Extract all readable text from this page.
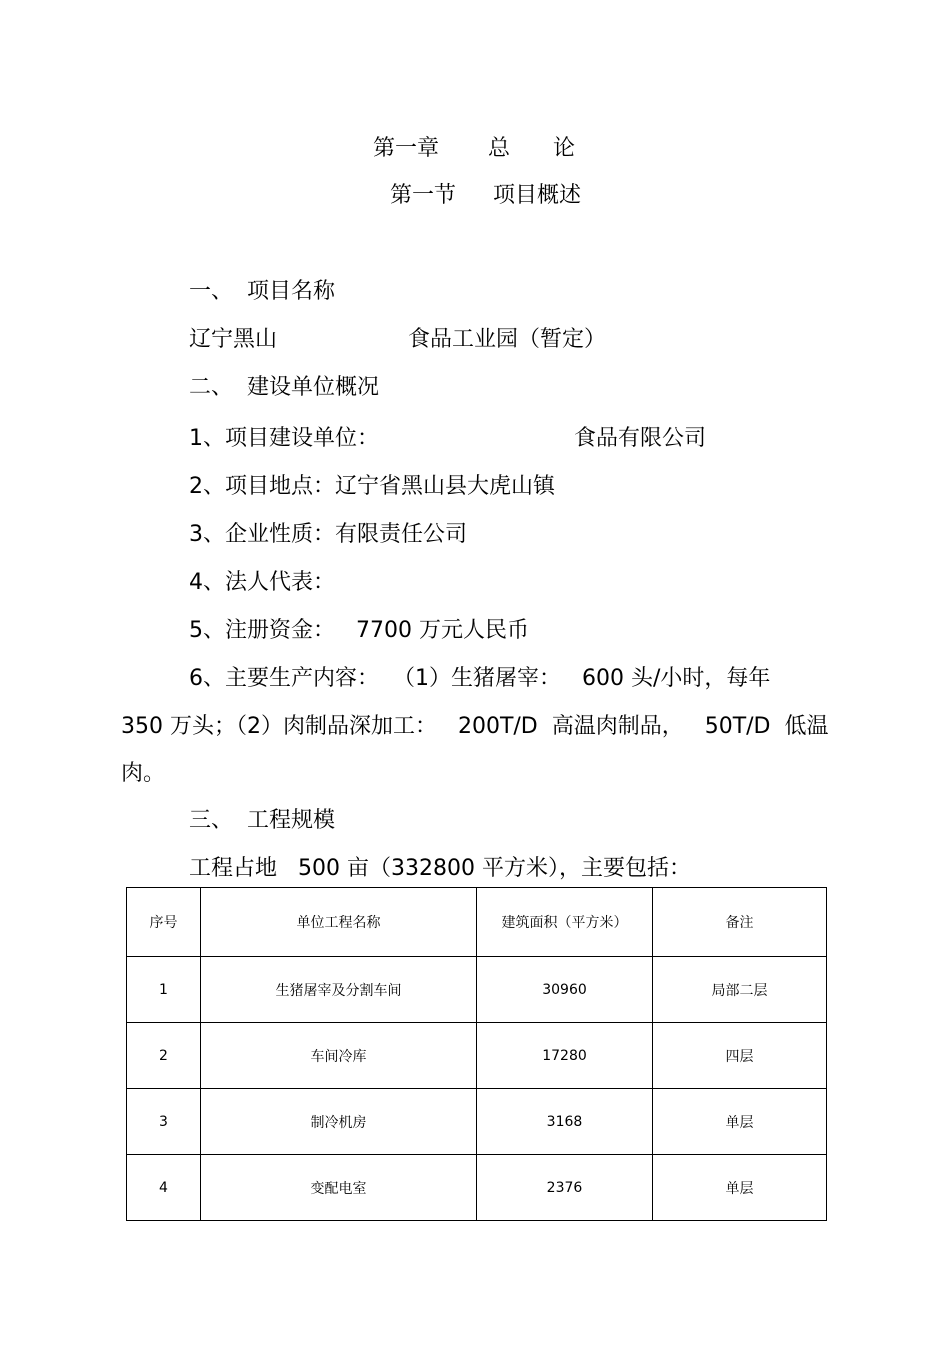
第一章 总 论
第一节 项目概述
一、  项目名称
辽宁黑山	食品工业园（暂定）
二、  建设单位概况
1、项目建设单位：	食品有限公司
2、项目地点：辽宁省黑山县大虎山镇
3、企业性质：有限责任公司
4、法人代表：
5、注册资金：   7700 万元人民币
6、主要生产内容：  （1）生猪屠宰：   600 头/小时，每年
350 万头；（2）肉制品深加工：   200T/D  高温肉制品，   50T/D  低温
肉。
三、  工程规模
工程占地   500 亩（332800 平方米），主要包括：
序号	单位工程名称	建筑面积（平方米）	备注
1	生猪屠宰及分割车间	30960	局部二层
2	车间冷库	17280	四层
3	制冷机房	3168	单层
4	变配电室	2376	单层
